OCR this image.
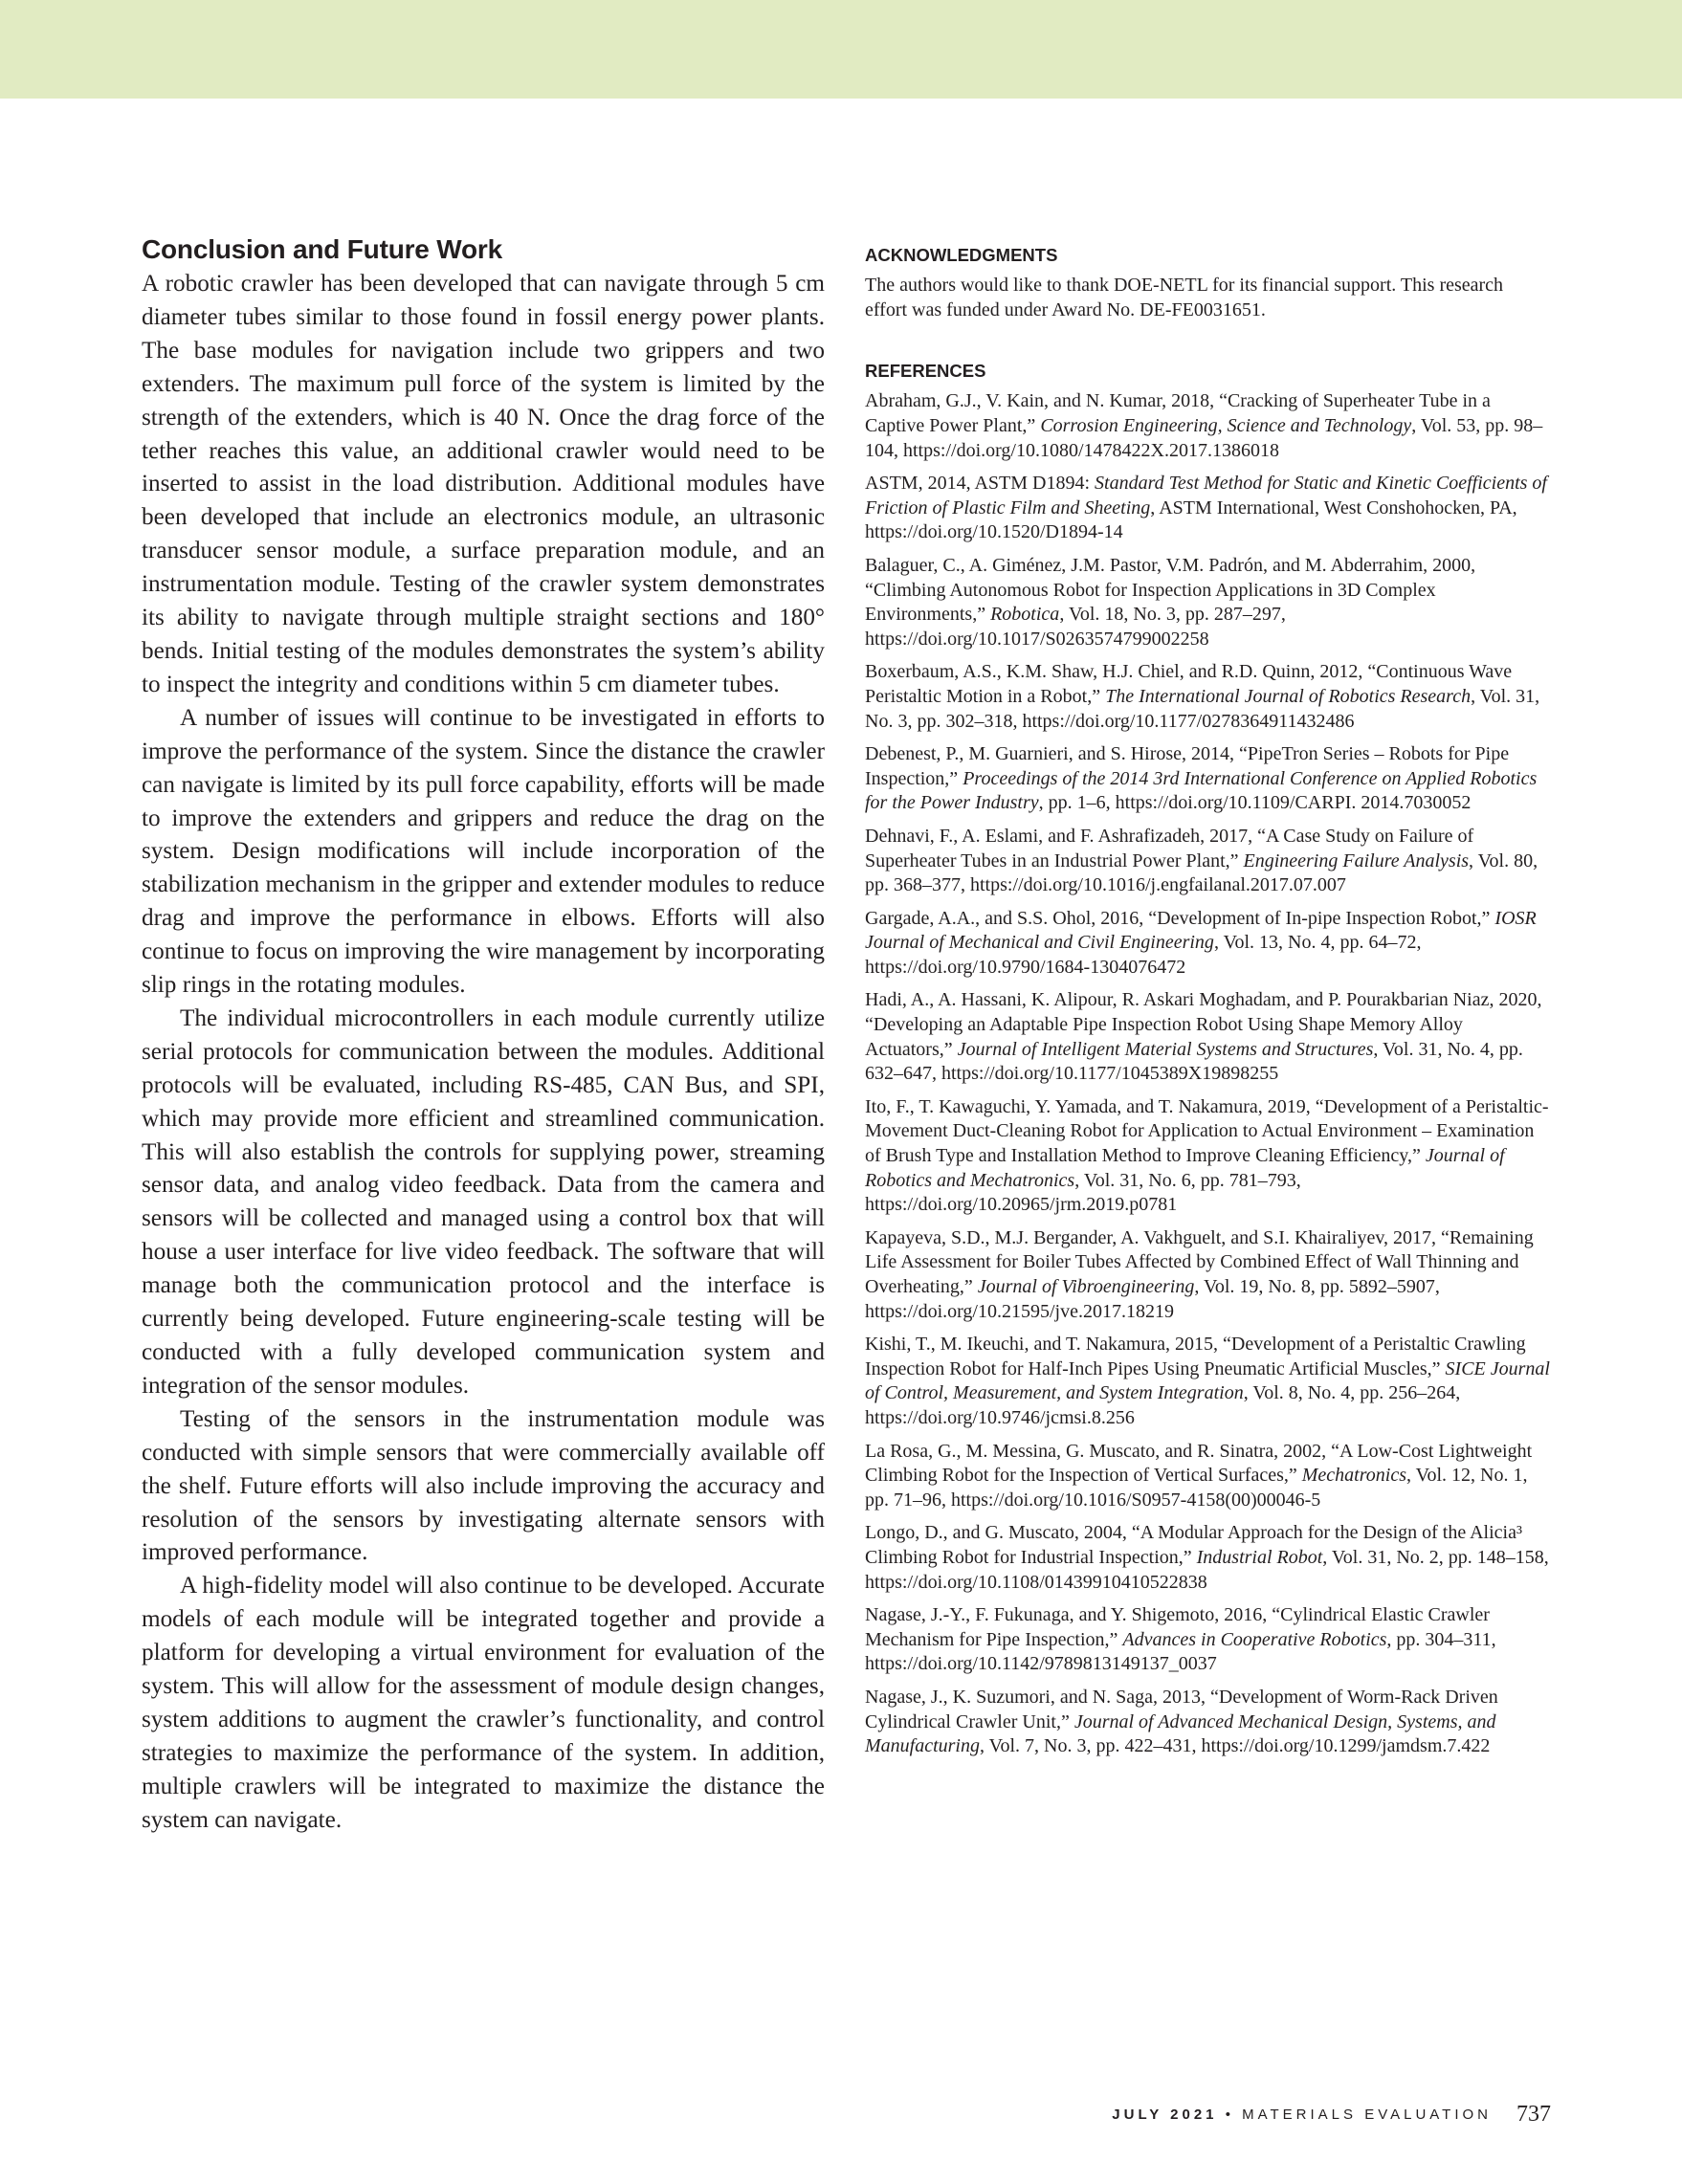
Conclusion and Future Work

A robotic crawler has been developed that can navigate through 5 cm diameter tubes similar to those found in fossil energy power plants. The base modules for navigation include two grippers and two extenders. The maximum pull force of the system is limited by the strength of the extenders, which is 40 N. Once the drag force of the tether reaches this value, an additional crawler would need to be inserted to assist in the load distribution. Additional modules have been developed that include an electronics module, an ultrasonic transducer sensor module, a surface preparation module, and an instrumentation module. Testing of the crawler system demonstrates its ability to navigate through multiple straight sections and 180° bends. Initial testing of the modules demonstrates the system’s ability to inspect the integrity and conditions within 5 cm diameter tubes.

A number of issues will continue to be investigated in efforts to improve the performance of the system. Since the distance the crawler can navigate is limited by its pull force capability, efforts will be made to improve the extenders and grippers and reduce the drag on the system. Design modifications will include incorporation of the stabilization mechanism in the gripper and extender modules to reduce drag and improve the performance in elbows. Efforts will also continue to focus on improving the wire management by incorporating slip rings in the rotating modules.

The individual microcontrollers in each module currently utilize serial protocols for communication between the modules. Additional protocols will be evaluated, including RS-485, CAN Bus, and SPI, which may provide more efficient and streamlined communication. This will also establish the controls for supplying power, streaming sensor data, and analog video feedback. Data from the camera and sensors will be collected and managed using a control box that will house a user interface for live video feedback. The software that will manage both the communication protocol and the interface is currently being developed. Future engineering-scale testing will be conducted with a fully developed communication system and integration of the sensor modules.

Testing of the sensors in the instrumentation module was conducted with simple sensors that were commercially available off the shelf. Future efforts will also include improving the accuracy and resolution of the sensors by investigating alternate sensors with improved performance.

A high-fidelity model will also continue to be developed. Accurate models of each module will be integrated together and provide a platform for developing a virtual environment for evaluation of the system. This will allow for the assessment of module design changes, system additions to augment the crawler’s functionality, and control strategies to maximize the performance of the system. In addition, multiple crawlers will be integrated to maximize the distance the system can navigate.

ACKNOWLEDGMENTS

The authors would like to thank DOE-NETL for its financial support. This research effort was funded under Award No. DE-FE0031651.

REFERENCES
Abraham, G.J., V. Kain, and N. Kumar, 2018, “Cracking of Superheater Tube in a Captive Power Plant,” Corrosion Engineering, Science and Technology, Vol. 53, pp. 98–104, https://doi.org/10.1080/1478422X.2017.1386018
ASTM, 2014, ASTM D1894: Standard Test Method for Static and Kinetic Coefficients of Friction of Plastic Film and Sheeting, ASTM International, West Conshohocken, PA, https://doi.org/10.1520/D1894-14
Balaguer, C., A. Giménez, J.M. Pastor, V.M. Padrón, and M. Abderrahim, 2000, “Climbing Autonomous Robot for Inspection Applications in 3D Complex Environments,” Robotica, Vol. 18, No. 3, pp. 287–297, https://doi.org/10.1017/S0263574799002258
Boxerbaum, A.S., K.M. Shaw, H.J. Chiel, and R.D. Quinn, 2012, “Continuous Wave Peristaltic Motion in a Robot,” The International Journal of Robotics Research, Vol. 31, No. 3, pp. 302–318, https://doi.org/10.1177/0278364911432486
Debenest, P., M. Guarnieri, and S. Hirose, 2014, “PipeTron Series – Robots for Pipe Inspection,” Proceedings of the 2014 3rd International Conference on Applied Robotics for the Power Industry, pp. 1–6, https://doi.org/10.1109/CARPI. 2014.7030052
Dehnavi, F., A. Eslami, and F. Ashrafizadeh, 2017, “A Case Study on Failure of Superheater Tubes in an Industrial Power Plant,” Engineering Failure Analysis, Vol. 80, pp. 368–377, https://doi.org/10.1016/j.engfailanal.2017.07.007
Gargade, A.A., and S.S. Ohol, 2016, “Development of In-pipe Inspection Robot,” IOSR Journal of Mechanical and Civil Engineering, Vol. 13, No. 4, pp. 64–72, https://doi.org/10.9790/1684-1304076472
Hadi, A., A. Hassani, K. Alipour, R. Askari Moghadam, and P. Pourakbarian Niaz, 2020, “Developing an Adaptable Pipe Inspection Robot Using Shape Memory Alloy Actuators,” Journal of Intelligent Material Systems and Structures, Vol. 31, No. 4, pp. 632–647, https://doi.org/10.1177/1045389X19898255
Ito, F., T. Kawaguchi, Y. Yamada, and T. Nakamura, 2019, “Development of a Peristaltic-Movement Duct-Cleaning Robot for Application to Actual Environment – Examination of Brush Type and Installation Method to Improve Cleaning Efficiency,” Journal of Robotics and Mechatronics, Vol. 31, No. 6, pp. 781–793, https://doi.org/10.20965/jrm.2019.p0781
Kapayeva, S.D., M.J. Bergander, A. Vakhguelt, and S.I. Khairaliyev, 2017, “Remaining Life Assessment for Boiler Tubes Affected by Combined Effect of Wall Thinning and Overheating,” Journal of Vibroengineering, Vol. 19, No. 8, pp. 5892–5907, https://doi.org/10.21595/jve.2017.18219
Kishi, T., M. Ikeuchi, and T. Nakamura, 2015, “Development of a Peristaltic Crawling Inspection Robot for Half-Inch Pipes Using Pneumatic Artificial Muscles,” SICE Journal of Control, Measurement, and System Integration, Vol. 8, No. 4, pp. 256–264, https://doi.org/10.9746/jcmsi.8.256
La Rosa, G., M. Messina, G. Muscato, and R. Sinatra, 2002, “A Low-Cost Lightweight Climbing Robot for the Inspection of Vertical Surfaces,” Mechatronics, Vol. 12, No. 1, pp. 71–96, https://doi.org/10.1016/S0957-4158(00)00046-5
Longo, D., and G. Muscato, 2004, “A Modular Approach for the Design of the Alicia³ Climbing Robot for Industrial Inspection,” Industrial Robot, Vol. 31, No. 2, pp. 148–158, https://doi.org/10.1108/01439910410522838
Nagase, J.-Y., F. Fukunaga, and Y. Shigemoto, 2016, “Cylindrical Elastic Crawler Mechanism for Pipe Inspection,” Advances in Cooperative Robotics, pp. 304–311, https://doi.org/10.1142/9789813149137_0037
Nagase, J., K. Suzumori, and N. Saga, 2013, “Development of Worm-Rack Driven Cylindrical Crawler Unit,” Journal of Advanced Mechanical Design, Systems, and Manufacturing, Vol. 7, No. 3, pp. 422–431, https://doi.org/10.1299/jamdsm.7.422
JULY 2021 • MATERIALS EVALUATION 737
